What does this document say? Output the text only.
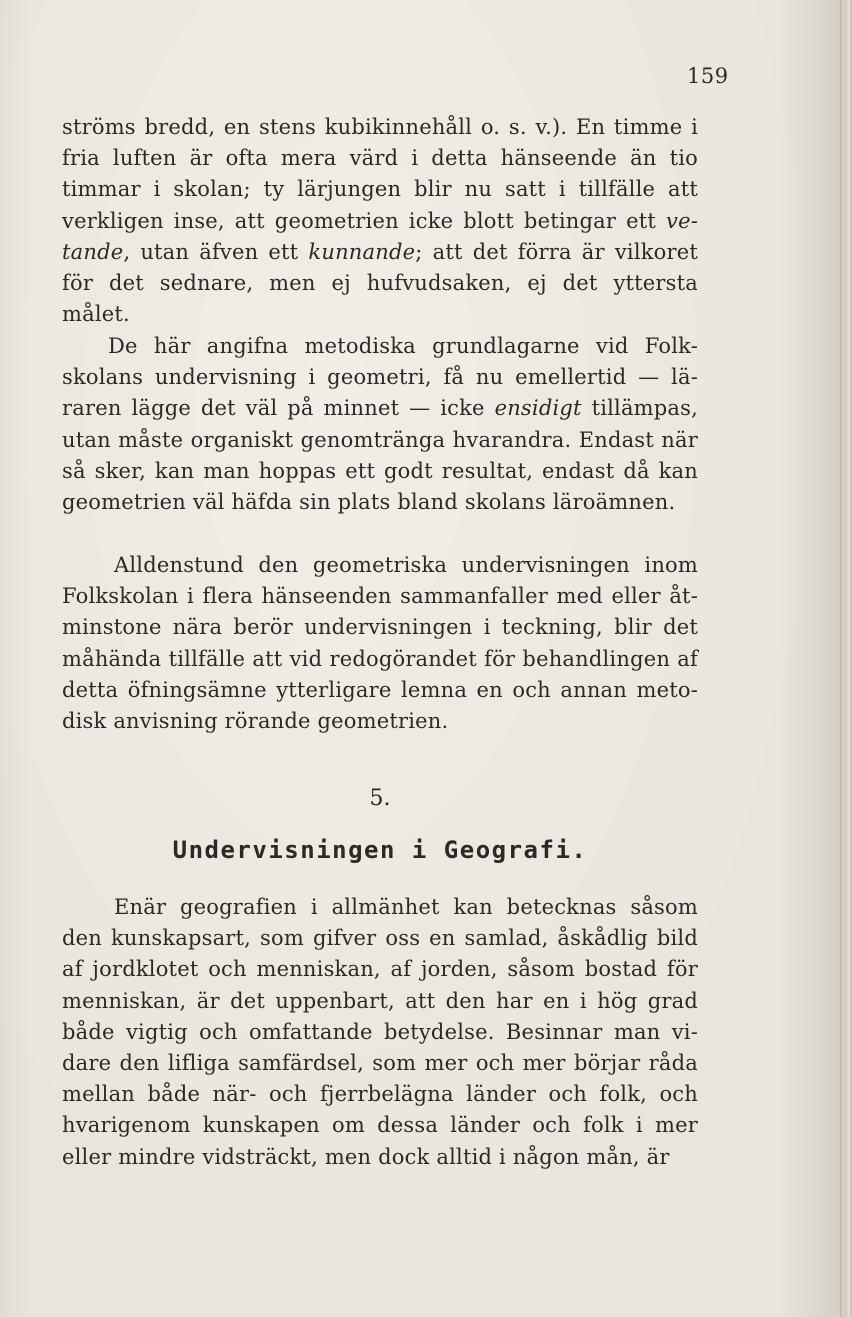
159
ströms bredd, en stens kubikinnehåll o. s. v.). En timme i fria luften är ofta mera värd i detta hänseende än tio timmar i skolan; ty lärjungen blir nu satt i tillfälle att verkligen inse, att geometrien icke blott betingar ett ve-tande, utan äfven ett kunnande; att det förra är vilkoret för det sednare, men ej hufvudsaken, ej det yttersta målet.
De här angifna metodiska grundlagarne vid Folk-skolans undervisning i geometri, få nu emellertid — lä-raren lägge det väl på minnet — icke ensidigt tillämpas, utan måste organiskt genomtränga hvarandra. Endast när så sker, kan man hoppas ett godt resultat, endast då kan geometrien väl häfda sin plats bland skolans läroämnen.
Alldenstund den geometriska undervisningen inom Folkskolan i flera hänseenden sammanfaller med eller åt-minstone nära berör undervisningen i teckning, blir det måhända tillfälle att vid redogörandet för behandlingen af detta öfningsämne ytterligare lemna en och annan meto-disk anvisning rörande geometrien.
5.
Undervisningen i Geografi.
Enär geografien i allmänhet kan betecknas såsom den kunskapsart, som gifver oss en samlad, åskådlig bild af jordklotet och menniskan, af jorden, såsom bostad för menniskan, är det uppenbart, att den har en i hög grad både vigtig och omfattande betydelse. Besinnar man vi-dare den lifliga samfärdsel, som mer och mer börjar råda mellan både när- och fjerrbelägna länder och folk, och hvarigenom kunskapen om dessa länder och folk i mer eller mindre vidsträckt, men dock alltid i någon mån, är
